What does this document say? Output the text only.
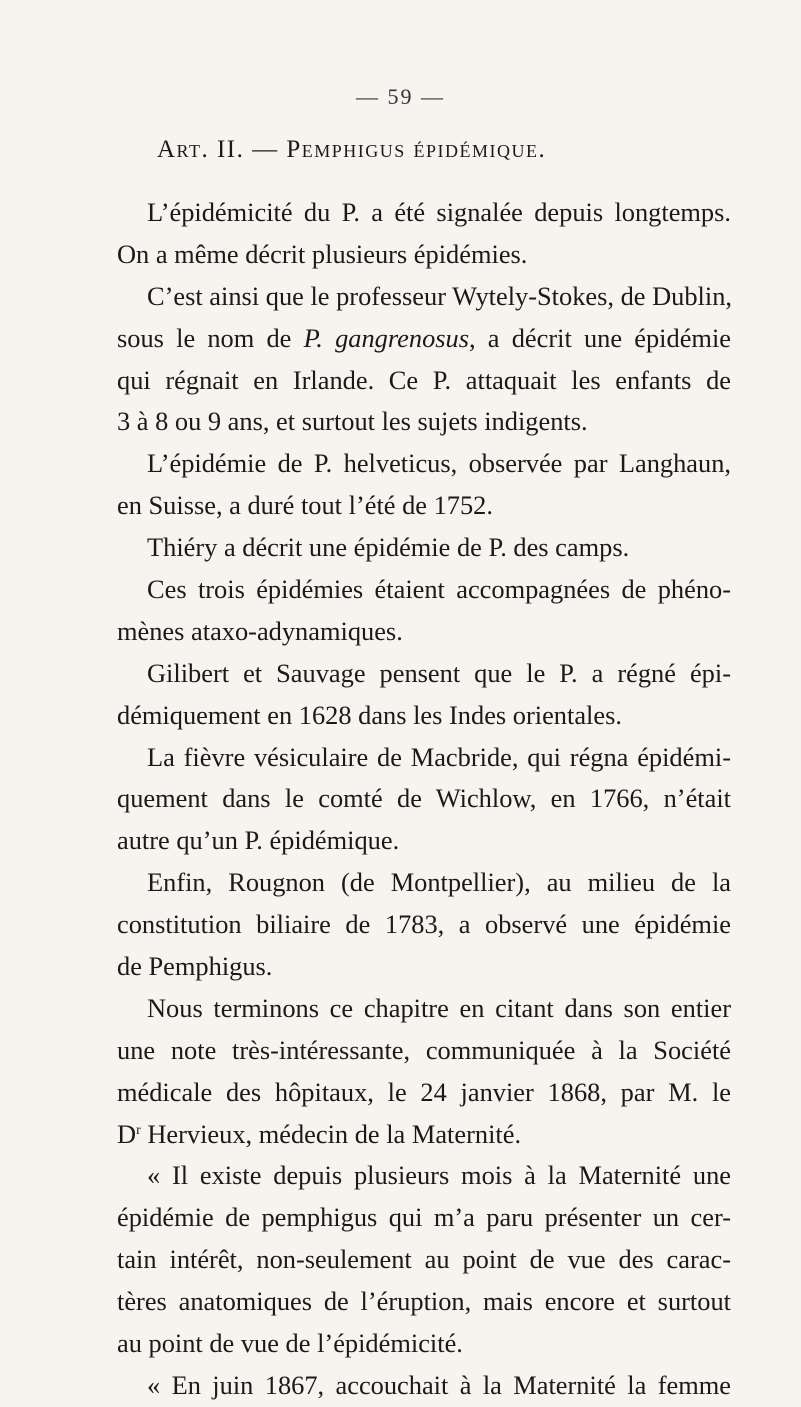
— 59 —
Art. II. — Pemphigus épidémique.
L’épidémicité du P. a été signalée depuis longtemps.
On a même décrit plusieurs épidémies.
C’est ainsi que le professeur Wytely-Stokes, de Dublin,
sous le nom de P. gangrenosus, a décrit une épidémie
qui régnait en Irlande. Ce P. attaquait les enfants de
3 à 8 ou 9 ans, et surtout les sujets indigents.
L’épidémie de P. helveticus, observée par Langhaun,
en Suisse, a duré tout l’été de 1752.
Thiéry a décrit une épidémie de P. des camps.
Ces trois épidémies étaient accompagnées de phéno-
mènes ataxo-adynamiques.
Gilibert et Sauvage pensent que le P. a régné épi-
démiquement en 1628 dans les Indes orientales.
La fièvre vésiculaire de Macbride, qui régna épidémi-
quement dans le comté de Wichlow, en 1766, n’était
autre qu’un P. épidémique.
Enfin, Rougnon (de Montpellier), au milieu de la
constitution biliaire de 1783, a observé une épidémie
de Pemphigus.
Nous terminons ce chapitre en citant dans son entier
une note très-intéressante, communiquée à la Société
médicale des hôpitaux, le 24 janvier 1868, par M. le
$D^r$ Hervieux, médecin de la Maternité.
« Il existe depuis plusieurs mois à la Maternité une
épidémie de pemphigus qui m’a paru présenter un cer-
tain intérêt, non-seulement au point de vue des carac-
tères anatomiques de l’éruption, mais encore et surtout
au point de vue de l’épidémicité.
« En juin 1867, accouchait à la Maternité la femme
